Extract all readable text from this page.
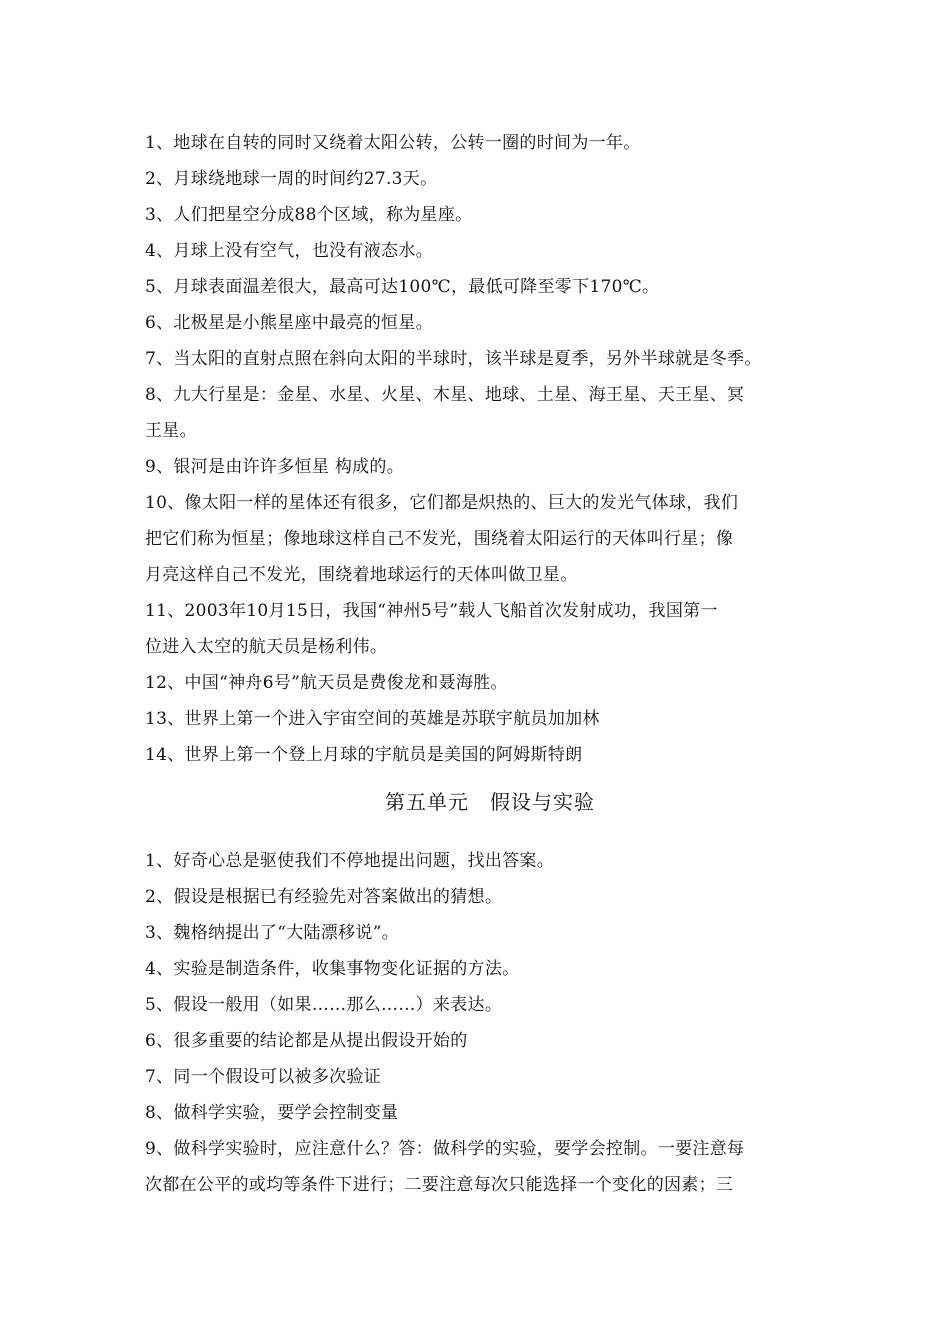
1、地球在自转的同时又绕着太阳公转，公转一圈的时间为一年。
2、月球绕地球一周的时间约27.3天。
3、人们把星空分成88个区域，称为星座。
4、月球上没有空气，也没有液态水。
5、月球表面温差很大，最高可达100℃，最低可降至零下170℃。
6、北极星是小熊星座中最亮的恒星。
7、当太阳的直射点照在斜向太阳的半球时，该半球是夏季，另外半球就是冬季。
8、九大行星是：金星、水星、火星、木星、地球、土星、海王星、天王星、冥
王星。
9、银河是由许许多恒星 构成的。
10、像太阳一样的星体还有很多，它们都是炽热的、巨大的发光气体球，我们
把它们称为恒星；像地球这样自己不发光，围绕着太阳运行的天体叫行星；像
月亮这样自己不发光，围绕着地球运行的天体叫做卫星。
11、2003年10月15日，我国“神州5号”载人飞船首次发射成功，我国第一
位进入太空的航天员是杨利伟。
12、中国“神舟6号”航天员是费俊龙和聂海胜。
13、世界上第一个进入宇宙空间的英雄是苏联宇航员加加林
14、世界上第一个登上月球的宇航员是美国的阿姆斯特朗
第五单元　假设与实验
1、好奇心总是驱使我们不停地提出问题，找出答案。
2、假设是根据已有经验先对答案做出的猜想。
3、魏格纳提出了“大陆漂移说”。
4、实验是制造条件，收集事物变化证据的方法。
5、假设一般用（如果……那么……）来表达。
6、很多重要的结论都是从提出假设开始的
7、同一个假设可以被多次验证
8、做科学实验，要学会控制变量
9、做科学实验时，应注意什么？答：做科学的实验，要学会控制。一要注意每
次都在公平的或均等条件下进行；二要注意每次只能选择一个变化的因素；三
